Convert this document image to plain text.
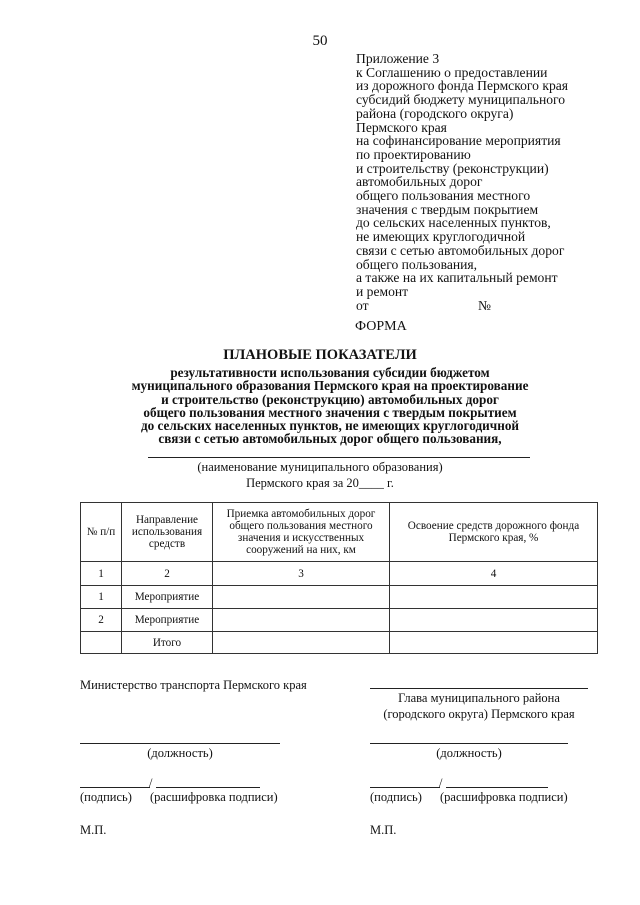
50
Приложение 3
к Соглашению о предоставлении
из дорожного фонда Пермского края
субсидий бюджету муниципального
района (городского округа)
Пермского края
на софинансирование мероприятия
по проектированию
и строительству (реконструкции)
автомобильных дорог
общего пользования местного
значения с твердым покрытием
до сельских населенных пунктов,
не имеющих круглогодичной
связи с сетью автомобильных дорог
общего пользования,
а также на их капитальный ремонт
и ремонт
от	№
ФОРМА
ПЛАНОВЫЕ ПОКАЗАТЕЛИ
результативности использования субсидии бюджетом
муниципального образования Пермского края на проектирование
и строительство (реконструкцию) автомобильных дорог
общего пользования местного значения с твердым покрытием
до сельских населенных пунктов, не имеющих круглогодичной
связи с сетью автомобильных дорог общего пользования,
(наименование муниципального образования)
Пермского края за 20____ г.
№ п/п	Направление использования средств	Приемка автомобильных дорог общего пользования местного значения и искусственных сооружений на них, км	Освоение средств дорожного фонда Пермского края, %
1	2	3	4
1	Мероприятие		
2	Мероприятие		
	Итого		
Министерство транспорта Пермского края
(должность)
/
(подпись) (расшифровка подписи)
М.П.
Глава муниципального района
(городского округа) Пермского края
(должность)
/
(подпись) (расшифровка подписи)
М.П.
